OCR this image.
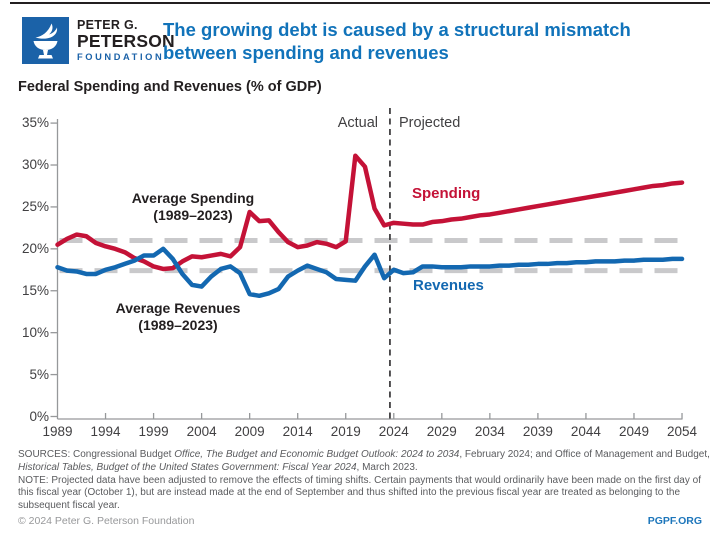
PETER G.
PETERSON
FOUNDATION
The growing debt is caused by a structural mismatch
between spending and revenues
Federal Spending and Revenues (% of GDP)
0%
5%
10%
15%
20%
25%
30%
35%
1989	1994	1999	2004	2009	2014	2019	2024	2029	2034	2039	2044	2049	2054
Actual Projected
Average Spending
(1989–2023)
Average Revenues
(1989–2023)
Spending
Revenues

SOURCES: Congressional Budget Office, The Budget and Economic Budget Outlook: 2024 to 2034, February 2024; and Office of Management and Budget, Historical Tables, Budget of the United States Government: Fiscal Year 2024, March 2023.

NOTE: Projected data have been adjusted to remove the effects of timing shifts. Certain payments that would ordinarily have been made on the first day of this fiscal year (October 1), but are instead made at the end of September and thus shifted into the previous fiscal year are treated as belonging to the subsequent fiscal year.

© 2024 Peter G. Peterson Foundation	PGPF.ORG
